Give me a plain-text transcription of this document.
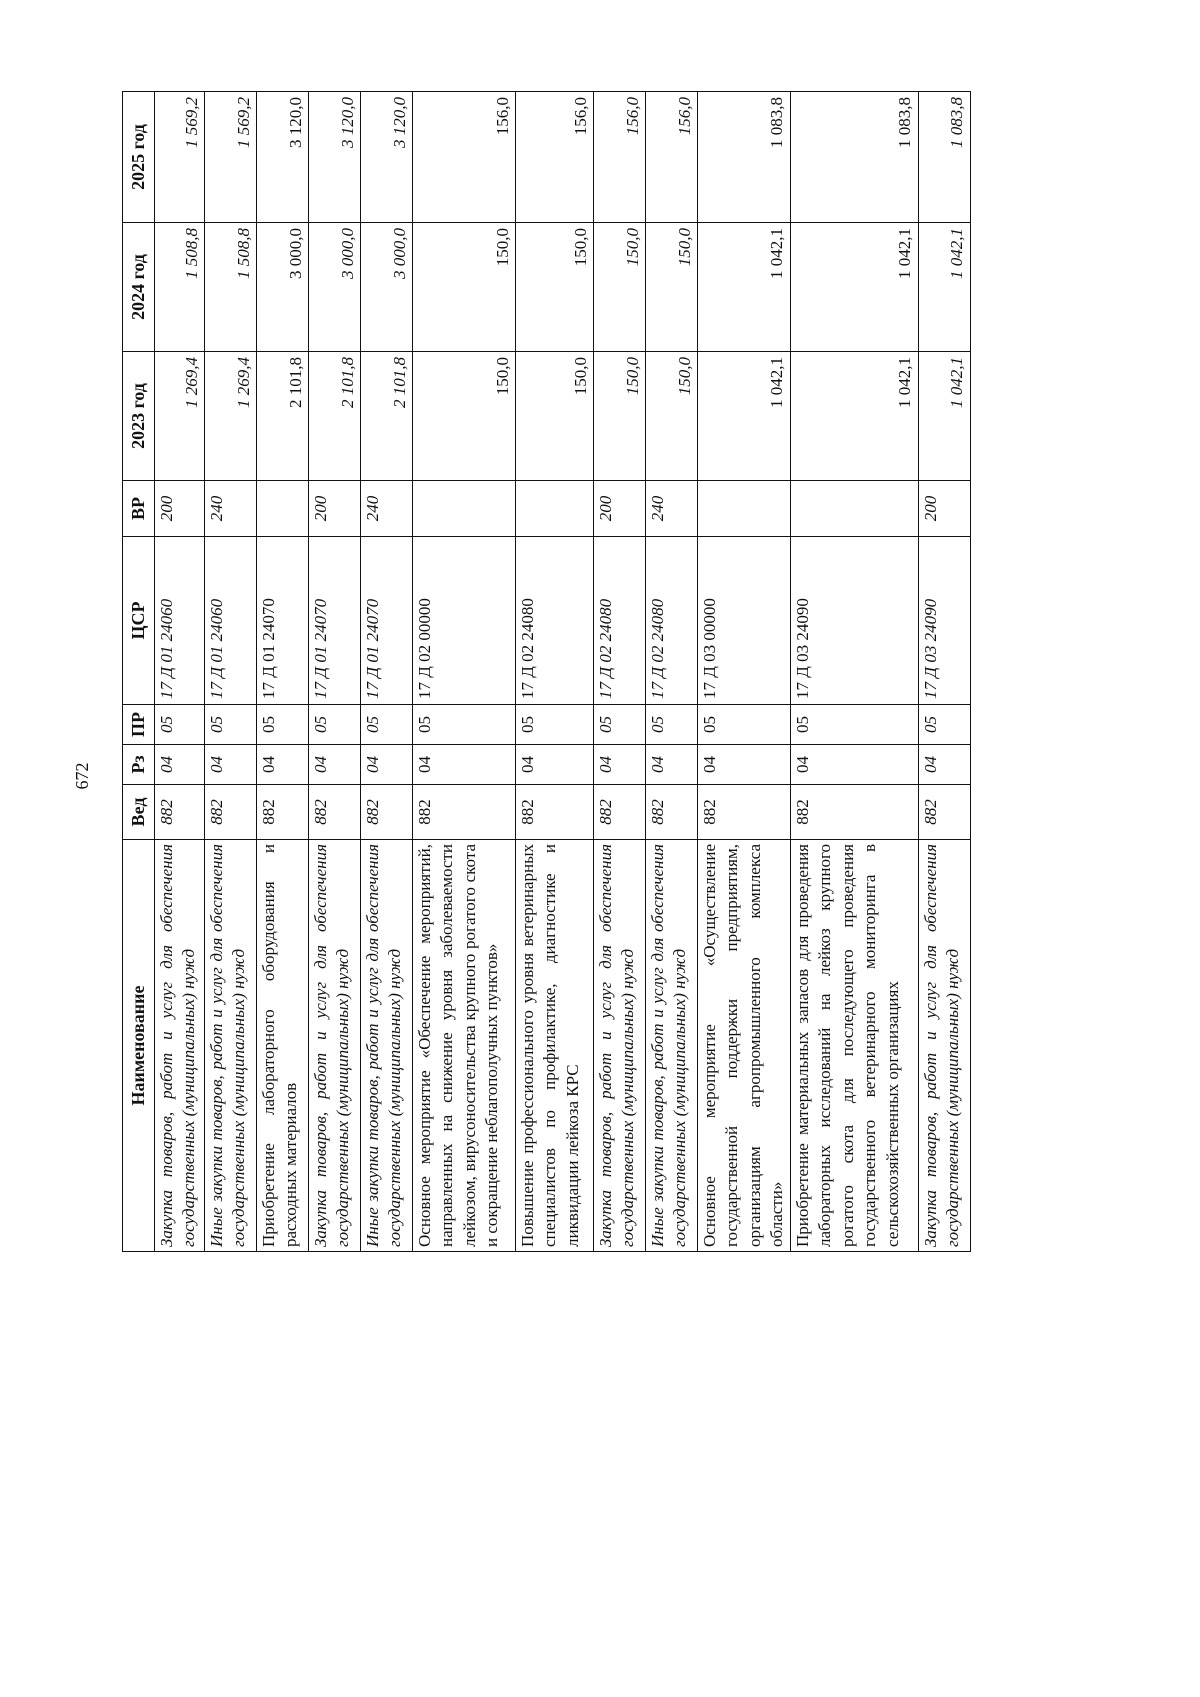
672
Наименование	Вед	Рз	ПР	ЦСР	ВР	2023 год	2024 год	2025 год
Закупка товаров, работ и услуг для обеспечения государственных (муниципальных) нужд	882	04	05	17 Д 01 24060	200	1 269,4	1 508,8	1 569,2
Иные закупки товаров, работ и услуг для обеспечения государственных (муниципальных) нужд	882	04	05	17 Д 01 24060	240	1 269,4	1 508,8	1 569,2
Приобретение лабораторного оборудования и расходных материалов	882	04	05	17 Д 01 24070		2 101,8	3 000,0	3 120,0
Закупка товаров, работ и услуг для обеспечения государственных (муниципальных) нужд	882	04	05	17 Д 01 24070	200	2 101,8	3 000,0	3 120,0
Иные закупки товаров, работ и услуг для обеспечения государственных (муниципальных) нужд	882	04	05	17 Д 01 24070	240	2 101,8	3 000,0	3 120,0
Основное мероприятие «Обеспечение мероприятий, направленных на снижение уровня заболеваемости лейкозом, вирусоносительства крупного рогатого скота и сокращение неблагополучных пунктов»	882	04	05	17 Д 02 00000		150,0	150,0	156,0
Повышение профессионального уровня ветеринарных специалистов по профилактике, диагностике и ликвидации лейкоза КРС	882	04	05	17 Д 02 24080		150,0	150,0	156,0
Закупка товаров, работ и услуг для обеспечения государственных (муниципальных) нужд	882	04	05	17 Д 02 24080	200	150,0	150,0	156,0
Иные закупки товаров, работ и услуг для обеспечения государственных (муниципальных) нужд	882	04	05	17 Д 02 24080	240	150,0	150,0	156,0
Основное мероприятие «Осуществление государственной поддержки предприятиям, организациям агропромышленного комплекса области»	882	04	05	17 Д 03 00000		1 042,1	1 042,1	1 083,8
Приобретение материальных запасов для проведения лабораторных исследований на лейкоз крупного рогатого скота для последующего проведения государственного ветеринарного мониторинга в сельскохозяйственных организациях	882	04	05	17 Д 03 24090		1 042,1	1 042,1	1 083,8
Закупка товаров, работ и услуг для обеспечения государственных (муниципальных) нужд	882	04	05	17 Д 03 24090	200	1 042,1	1 042,1	1 083,8
